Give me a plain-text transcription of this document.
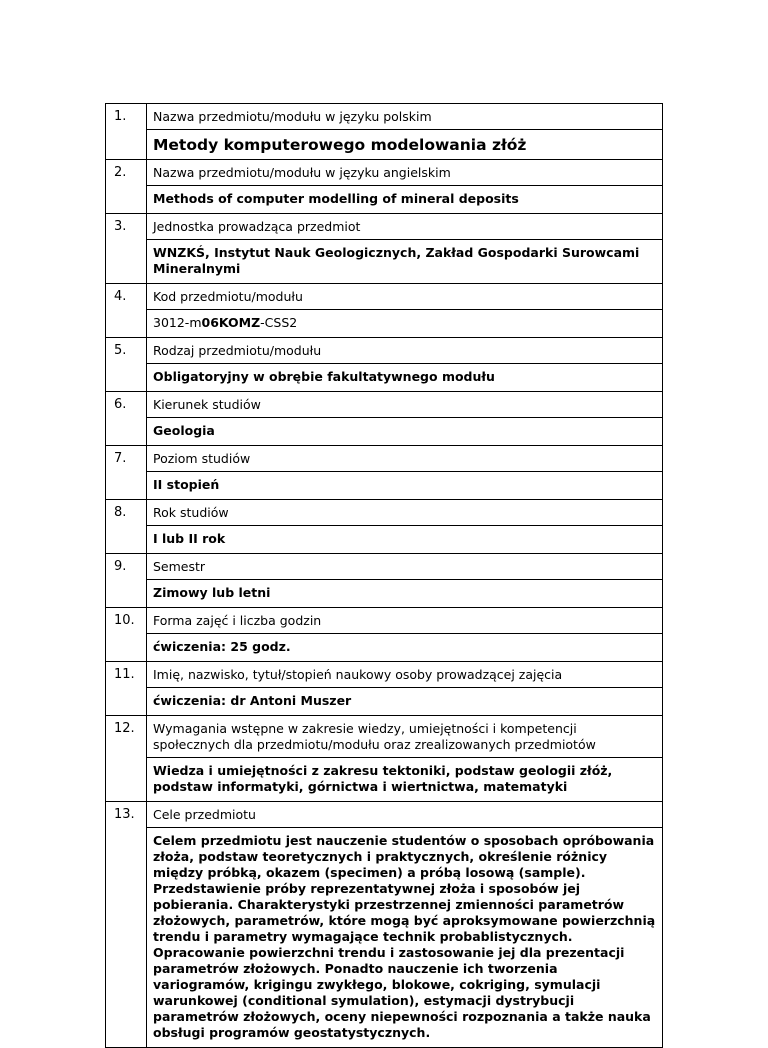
1.	Nazwa przedmiotu/modułu w języku polskim
Metody komputerowego modelowania złóż

2.	Nazwa przedmiotu/modułu w języku angielskim
Methods of computer modelling of mineral deposits

3.	Jednostka prowadząca przedmiot
WNZKŚ, Instytut Nauk Geologicznych, Zakład Gospodarki Surowcami Mineralnymi

4.	Kod przedmiotu/modułu
3012-m06KOMZ-CSS2

5.	Rodzaj przedmiotu/modułu
Obligatoryjny w obrębie fakultatywnego modułu

6.	Kierunek studiów
Geologia

7.	Poziom studiów
II stopień

8.	Rok studiów
I lub II rok

9.	Semestr
Zimowy lub letni

10.	Forma zajęć i liczba godzin
ćwiczenia: 25 godz.

11.	Imię, nazwisko, tytuł/stopień naukowy osoby prowadzącej zajęcia
ćwiczenia: dr Antoni Muszer

12.	Wymagania wstępne w zakresie wiedzy, umiejętności i kompetencji społecznych dla przedmiotu/modułu oraz zrealizowanych przedmiotów
Wiedza i umiejętności z zakresu tektoniki, podstaw geologii złóż, podstaw informatyki, górnictwa i wiertnictwa, matematyki

13.	Cele przedmiotu
Celem przedmiotu jest nauczenie studentów o sposobach opróbowania złoża, podstaw teoretycznych i praktycznych, określenie różnicy między próbką, okazem (specimen) a próbą losową (sample). Przedstawienie próby reprezentatywnej złoża i sposobów jej pobierania. Charakterystyki przestrzennej zmienności parametrów złożowych, parametrów, które mogą być aproksymowane powierzchnią trendu i parametry wymagające technik probablistycznych. Opracowanie powierzchni trendu i zastosowanie jej dla prezentacji parametrów złożowych. Ponadto nauczenie ich tworzenia variogramów, krigingu zwykłego, blokowe, cokriging, symulacji warunkowej (conditional symulation), estymacji dystrybucji parametrów złożowych, oceny niepewności rozpoznania a także nauka obsługi programów geostatystycznych.
